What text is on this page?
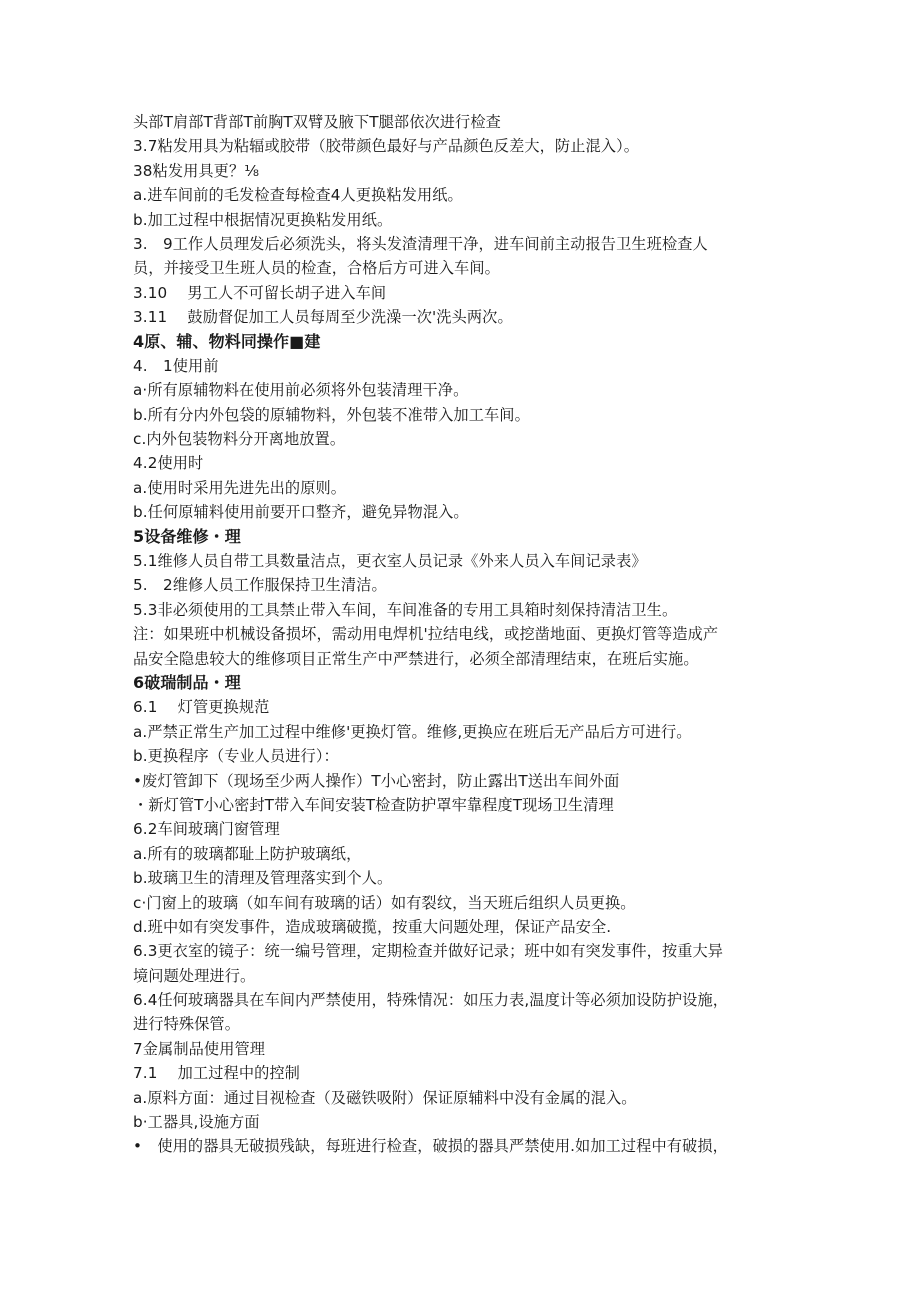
头部T肩部T背部T前胸T双臂及腋下T腿部依次进行检查
3.7粘发用具为粘辐或胶带（胶带颜色最好与产品颜色反差大，防止混入）。
38粘发用具更？⅛
a.进车间前的毛发检查每检查4人更换粘发用纸。
b.加工过程中根据情况更换粘发用纸。
3.　9工作人员理发后必须洗头，将头发渣清理干净，进车间前主动报告卫生班检查人
员，并接受卫生班人员的检查，合格后方可进入车间。
3.10　 男工人不可留长胡子进入车间
3.11　 鼓励督促加工人员每周至少洗澡一次'洗头两次。
4原、辅、物料同操作■建
4.　1使用前
a·所有原辅物料在使用前必须将外包装清理干净。
b.所有分内外包袋的原辅物料，外包装不准带入加工车间。
c.内外包装物料分开离地放置。
4.2使用时
a.使用时采用先进先出的原则。
b.任何原辅料使用前要开口整齐，避免异物混入。
5设备维修・理
5.1维修人员自带工具数量洁点，更衣室人员记录《外来人员入车间记录表》
5.　2维修人员工作服保持卫生清洁。
5.3非必须使用的工具禁止带入车间，车间准备的专用工具箱时刻保持清洁卫生。
注：如果班中机械设备损坏，需动用电焊机'拉结电线，或挖凿地面、更换灯管等造成产
品安全隐患较大的维修项目正常生产中严禁进行，必须全部清理结束，在班后实施。
6破瑞制品・理
6.1　 灯管更换规范
a.严禁正常生产加工过程中维修'更换灯管。维修,更换应在班后无产品后方可进行。
b.更换程序（专业人员进行）：
•废灯管卸下（现场至少两人操作）T小心密封，防止露出T送出车间外面
・新灯管T小心密封T带入车间安装T检查防护罩牢靠程度T现场卫生清理
6.2车间玻璃门窗管理
a.所有的玻璃都耻上防护玻璃纸，
b.玻璃卫生的清理及管理落实到个人。
c·门窗上的玻璃（如车间有玻璃的话）如有裂纹，当天班后组织人员更换。
d.班中如有突发事件，造成玻璃破揽，按重大问题处理，保证产品安全.
6.3更衣室的镜子：统一编号管理，定期检查并做好记录；班中如有突发事件，按重大异
境问题处理进行。
6.4任何玻璃器具在车间内严禁使用，特殊情况：如压力表,温度计等必须加设防护设施，
进行特殊保管。
7金属制品使用管理
7.1　 加工过程中的控制
a.原料方面：通过目视检查（及磁铁吸附）保证原辅料中没有金属的混入。
b·工器具,设施方面
•　使用的器具无破损残缺，每班进行检查，破损的器具严禁使用.如加工过程中有破损，
